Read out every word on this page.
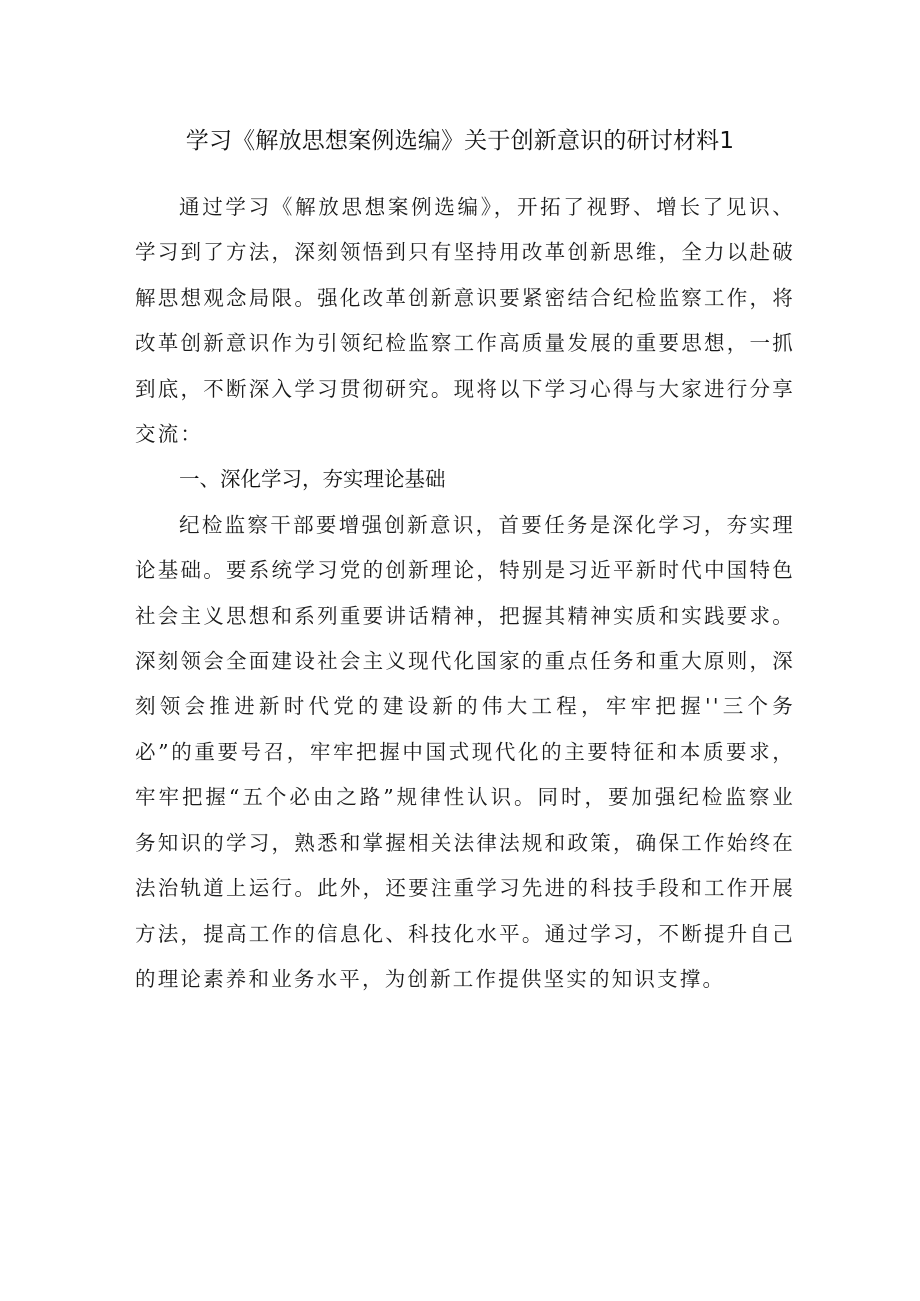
学习《解放思想案例选编》关于创新意识的研讨材料1

通过学习《解放思想案例选编》，开拓了视野、增长了见识、学习到了方法，深刻领悟到只有坚持用改革创新思维，全力以赴破解思想观念局限。强化改革创新意识要紧密结合纪检监察工作，将改革创新意识作为引领纪检监察工作高质量发展的重要思想，一抓到底，不断深入学习贯彻研究。现将以下学习心得与大家进行分享交流：

一、深化学习，夯实理论基础

纪检监察干部要增强创新意识，首要任务是深化学习，夯实理论基础。要系统学习党的创新理论，特别是习近平新时代中国特色社会主义思想和系列重要讲话精神，把握其精神实质和实践要求。深刻领会全面建设社会主义现代化国家的重点任务和重大原则，深刻领会推进新时代党的建设新的伟大工程，牢牢把握''三个务必”的重要号召，牢牢把握中国式现代化的主要特征和本质要求，牢牢把握“五个必由之路”规律性认识。同时，要加强纪检监察业务知识的学习，熟悉和掌握相关法律法规和政策，确保工作始终在法治轨道上运行。此外，还要注重学习先进的科技手段和工作开展方法，提高工作的信息化、科技化水平。通过学习，不断提升自己的理论素养和业务水平，为创新工作提供坚实的知识支撑。
